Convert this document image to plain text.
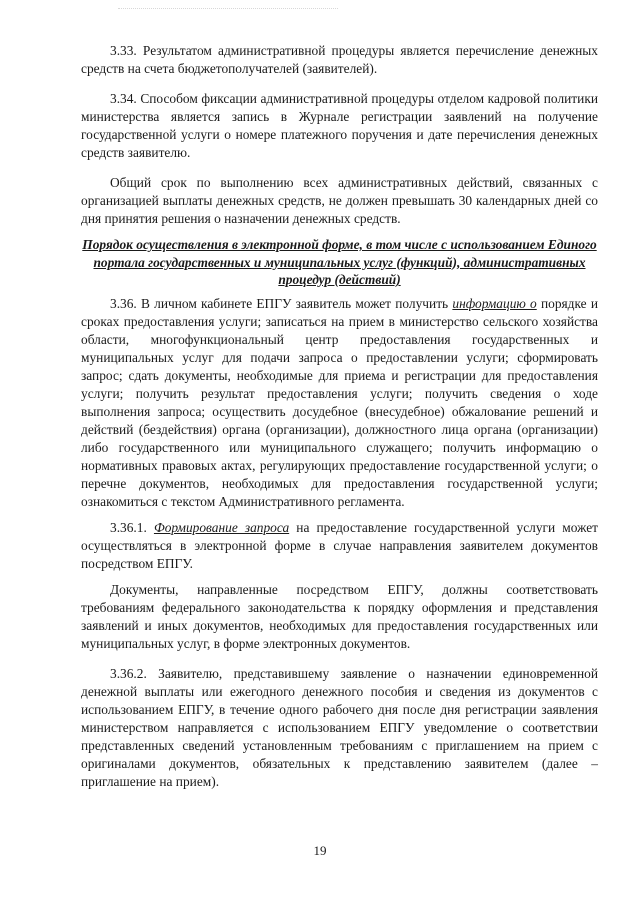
3.33. Результатом административной процедуры является перечисление денежных средств на счета бюджетополучателей (заявителей).

3.34. Способом фиксации административной процедуры отделом кадровой политики министерства является запись в Журнале регистрации заявлений на получение государственной услуги о номере платежного поручения и дате перечисления денежных средств заявителю.

Общий срок по выполнению всех административных действий, связанных с организацией выплаты денежных средств, не должен превышать 30 календарных дней со дня принятия решения о назначении денежных средств.

Порядок осуществления в электронной форме, в том числе с использованием Единого портала государственных и муниципальных услуг (функций), административных процедур (действий)

3.36. В личном кабинете ЕПГУ заявитель может получить информацию о порядке и сроках предоставления услуги; записаться на прием в министерство сельского хозяйства области, многофункциональный центр предоставления государственных и муниципальных услуг для подачи запроса о предоставлении услуги; сформировать запрос; сдать документы, необходимые для приема и регистрации для предоставления услуги; получить результат предоставления услуги; получить сведения о ходе выполнения запроса; осуществить досудебное (внесудебное) обжалование решений и действий (бездействия) органа (организации), должностного лица органа (организации) либо государственного или муниципального служащего; получить информацию о нормативных правовых актах, регулирующих предоставление государственной услуги; о перечне документов, необходимых для предоставления государственной услуги; ознакомиться с текстом Административного регламента.

3.36.1. Формирование запроса на предоставление государственной услуги может осуществляться в электронной форме в случае направления заявителем документов посредством ЕПГУ.

Документы, направленные посредством ЕПГУ, должны соответствовать требованиям федерального законодательства к порядку оформления и представления заявлений и иных документов, необходимых для предоставления государственных или муниципальных услуг, в форме электронных документов.

3.36.2. Заявителю, представившему заявление о назначении единовременной денежной выплаты или ежегодного денежного пособия и сведения из документов с использованием ЕПГУ, в течение одного рабочего дня после дня регистрации заявления министерством направляется с использованием ЕПГУ уведомление о соответствии представленных сведений установленным требованиям с приглашением на прием с оригиналами документов, обязательных к представлению заявителем (далее – приглашение на прием).

19
